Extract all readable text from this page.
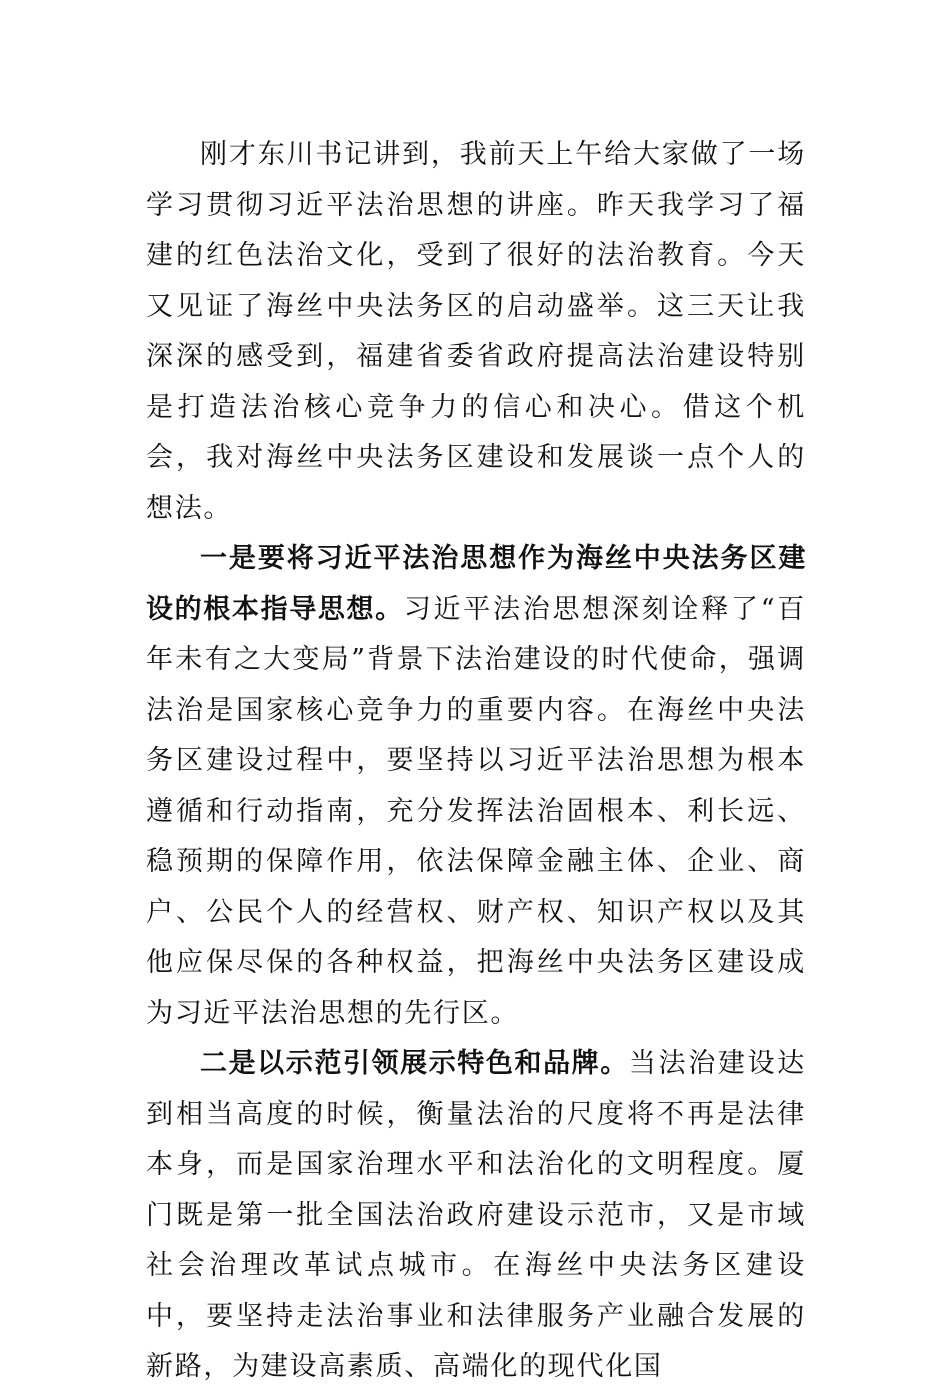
刚才东川书记讲到，我前天上午给大家做了一场学习贯彻习近平法治思想的讲座。昨天我学习了福建的红色法治文化，受到了很好的法治教育。今天又见证了海丝中央法务区的启动盛举。这三天让我深深的感受到，福建省委省政府提高法治建设特别是打造法治核心竞争力的信心和决心。借这个机会，我对海丝中央法务区建设和发展谈一点个人的想法。

一是要将习近平法治思想作为海丝中央法务区建设的根本指导思想。习近平法治思想深刻诠释了“百年未有之大变局”背景下法治建设的时代使命，强调法治是国家核心竞争力的重要内容。在海丝中央法务区建设过程中，要坚持以习近平法治思想为根本遵循和行动指南，充分发挥法治固根本、利长远、稳预期的保障作用，依法保障金融主体、企业、商户、公民个人的经营权、财产权、知识产权以及其他应保尽保的各种权益，把海丝中央法务区建设成为习近平法治思想的先行区。

二是以示范引领展示特色和品牌。当法治建设达到相当高度的时候，衡量法治的尺度将不再是法律本身，而是国家治理水平和法治化的文明程度。厦门既是第一批全国法治政府建设示范市，又是市域社会治理改革试点城市。在海丝中央法务区建设中，要坚持走法治事业和法律服务产业融合发展的新路，为建设高素质、高端化的现代化国
